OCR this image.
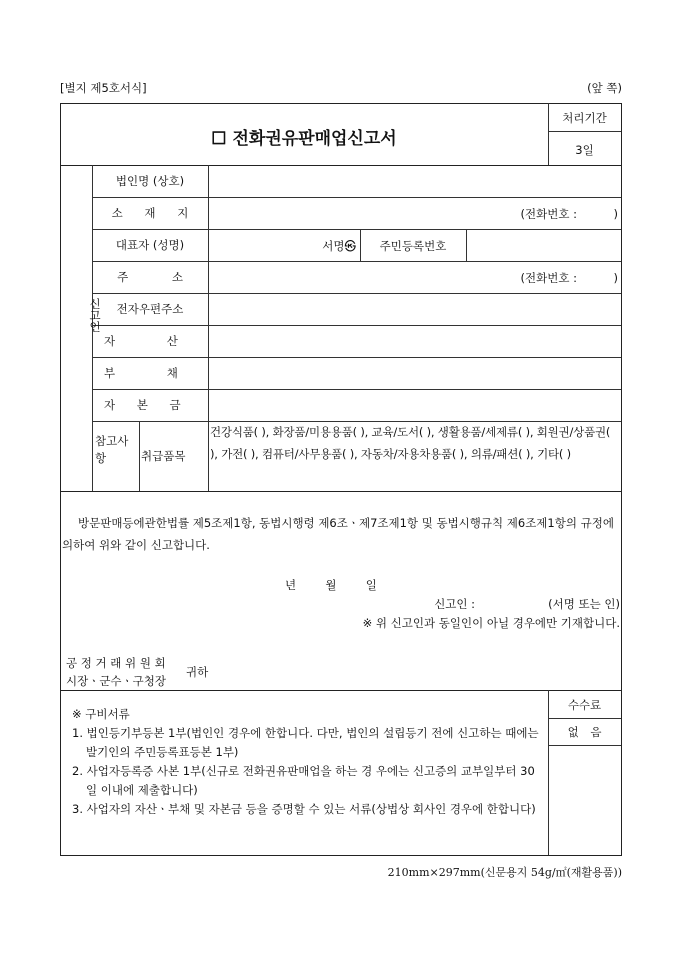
[별지 제5호서식]	(앞 쪽)
☐ 전화권유판매업신고서
처리기간
3일
신고인
법인명 (상호)
소 재 지	(전화번호 :          )
대표자 (성명)	서명㉿	주민등록번호
주 소	(전화번호 :          )
전자우편주소
자 산
부 채
자 본 금
참고사항	취급품목
건강식품( ), 화장품/미용용품( ), 교육/도서( ), 생활용품/세제류( ), 회원권/상품권( ), 가전( ), 컴퓨터/사무용품( ), 자동차/자용차용품( ), 의류/패션( ), 기타( )
방문판매등에관한법률 제5조제1항, 동법시행령 제6조ㆍ제7조제1항 및 동법시행규칙 제6조제1항의 규정에 의하여 위와 같이 신고합니다.
년        월        일
신고인 :                    (서명 또는 인)
※ 위 신고인과 동일인이 아닐 경우에만 기재합니다.
공 정 거 래 위 원 회
시장ㆍ군수ㆍ구청장
귀하
수수료
없 음
※ 구비서류
1. 법인등기부등본 1부(법인인 경우에 한합니다. 다만, 법인의 설립등기 전에 신고하는 때에는 발기인의 주민등록표등본 1부)
2. 사업자등록증 사본 1부(신규로 전화권유판매업을 하는 경 우에는 신고증의 교부일부터 30일 이내에 제출합니다)
3. 사업자의 자산ㆍ부채 및 자본금 등을 증명할 수 있는 서류(상법상 회사인 경우에 한합니다)
210mm×297mm(신문용지 54g/㎡(재활용품))
